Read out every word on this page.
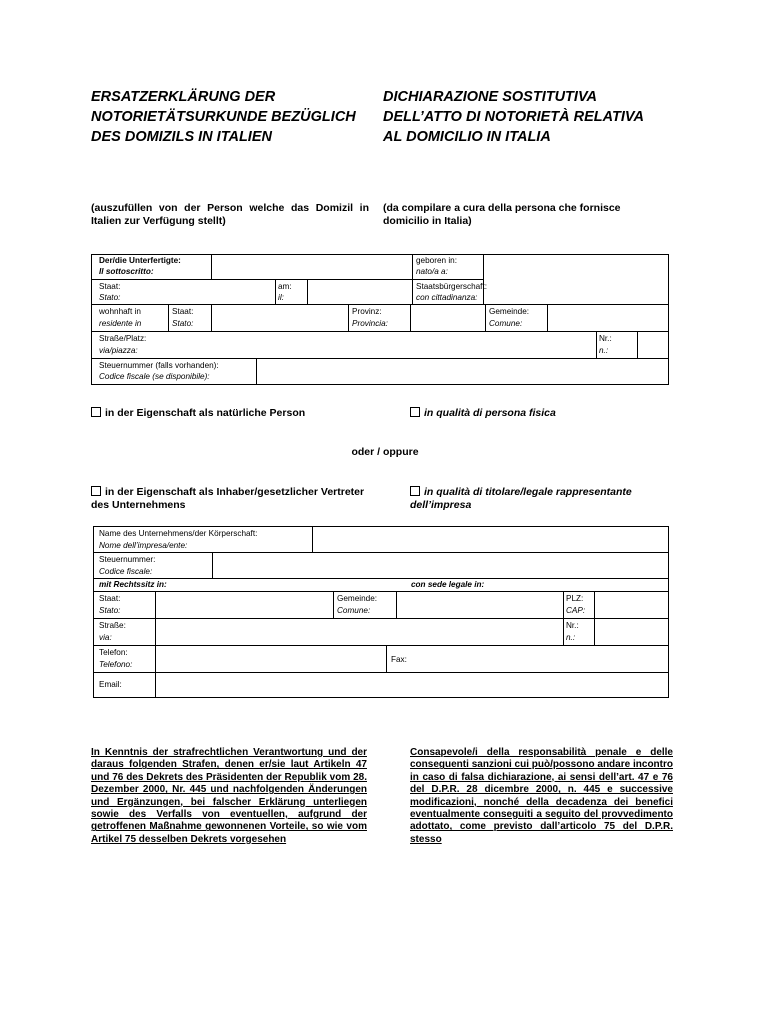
ERSATZERKLÄRUNG DER
NOTORIETÄTSURKUNDE BEZÜGLICH
DES DOMIZILS IN ITALIEN
DICHIARAZIONE SOSTITUTIVA
DELL’ATTO DI NOTORIETÀ RELATIVA
AL DOMICILIO IN ITALIA
(auszufüllen von der Person welche das Domizil in Italien zur Verfügung stellt)
(da compilare a cura della persona che fornisce domicilio in Italia)
Der/die Unterfertigte:
Il sottoscritto:
geboren in:
nato/a a:
Staat:
Stato:
am:
il:
Staatsbürgerschaft:
con cittadinanza:
wohnhaft in
residente in
Staat:
Stato:
Provinz:
Provincia:
Gemeinde:
Comune:
Straße/Platz:
via/piazza:
Nr.:
n.:
Steuernummer (falls vorhanden):
Codice fiscale (se disponibile):
in der Eigenschaft als natürliche Person	in qualità di persona fisica
oder / oppure
in der Eigenschaft als Inhaber/gesetzlicher Vertreter des Unternehmens
in qualità di titolare/legale rappresentante dell’impresa
Name des Unternehmens/der Körperschaft:
Nome dell’impresa/ente:
Steuernummer:
Codice fiscale:
mit Rechtssitz in:	con sede legale in:
Staat:
Stato:
Gemeinde:
Comune:
PLZ:
CAP:
Straße:
via:
Nr.:
n.:
Telefon:
Telefono:
Fax:
Email:
In Kenntnis der strafrechtlichen Verantwortung und der daraus folgenden Strafen, denen er/sie laut Artikeln 47 und 76 des Dekrets des Präsidenten der Republik vom 28. Dezember 2000, Nr. 445 und nachfolgenden Änderungen und Ergänzungen, bei falscher Erklärung unterliegen sowie des Verfalls von eventuellen, aufgrund der getroffenen Maßnahme gewonnenen Vorteile, so wie vom Artikel 75 desselben Dekrets vorgesehen
Consapevole/i della responsabilità penale e delle conseguenti sanzioni cui può/possono andare incontro in caso di falsa dichiarazione, ai sensi dell’art. 47 e 76 del D.P.R. 28 dicembre 2000, n. 445 e successive modificazioni, nonché della decadenza dei benefici eventualmente conseguiti a seguito del provvedimento adottato, come previsto dall’articolo 75 del D.P.R. stesso
